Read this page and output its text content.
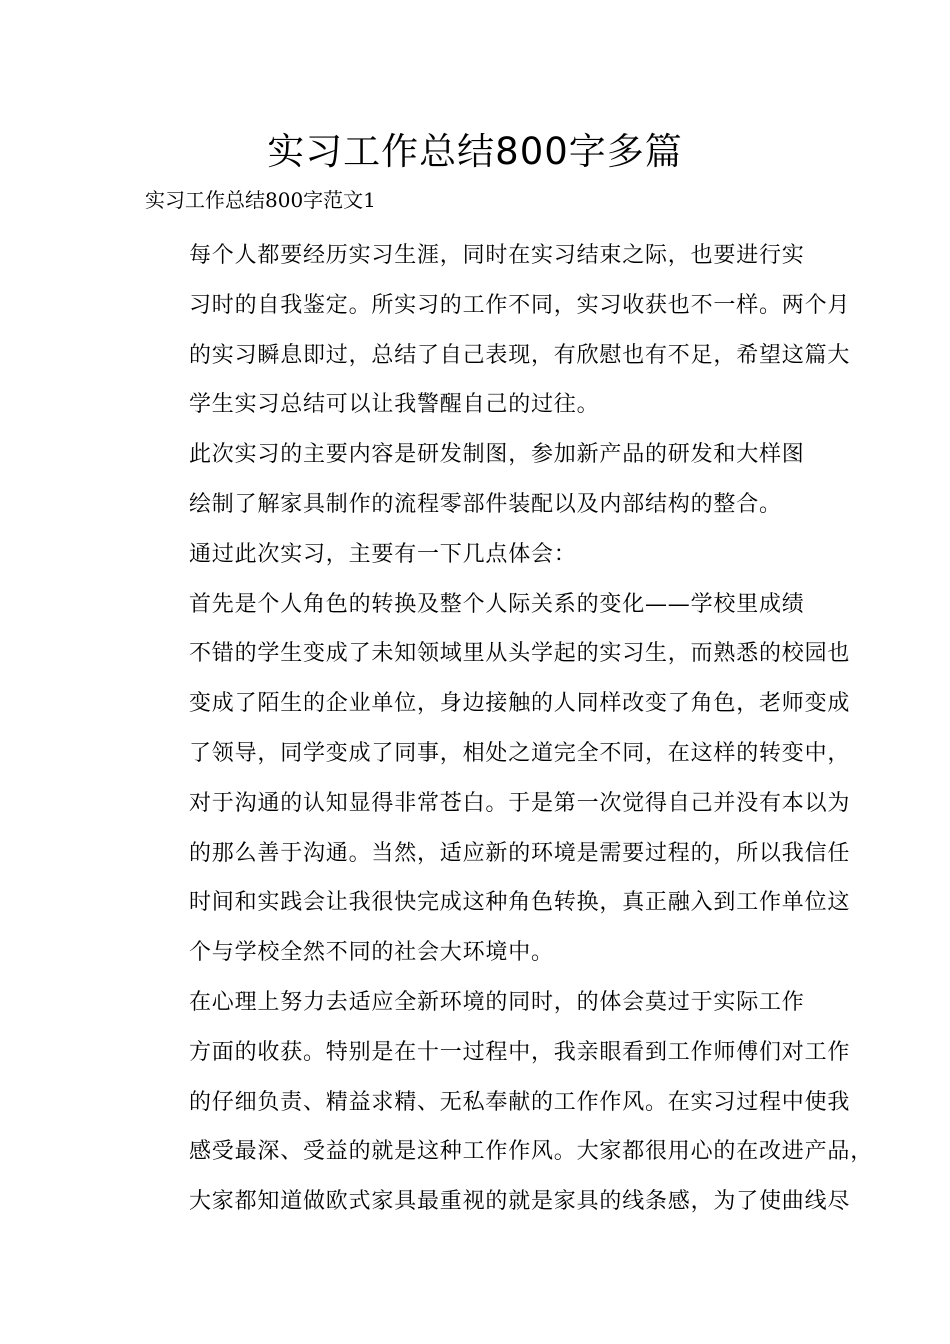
实习工作总结800字多篇

实习工作总结800字范文1

每个人都要经历实习生涯，同时在实习结束之际，也要进行实
习时的自我鉴定。所实习的工作不同，实习收获也不一样。两个月
的实习瞬息即过，总结了自己表现，有欣慰也有不足，希望这篇大
学生实习总结可以让我警醒自己的过往。

此次实习的主要内容是研发制图，参加新产品的研发和大样图
绘制了解家具制作的流程零部件装配以及内部结构的整合。

通过此次实习，主要有一下几点体会：

首先是个人角色的转换及整个人际关系的变化——学校里成绩
不错的学生变成了未知领域里从头学起的实习生，而熟悉的校园也
变成了陌生的企业单位，身边接触的人同样改变了角色，老师变成
了领导，同学变成了同事，相处之道完全不同，在这样的转变中，
对于沟通的认知显得非常苍白。于是第一次觉得自己并没有本以为
的那么善于沟通。当然，适应新的环境是需要过程的，所以我信任
时间和实践会让我很快完成这种角色转换，真正融入到工作单位这
个与学校全然不同的社会大环境中。

在心理上努力去适应全新环境的同时，的体会莫过于实际工作
方面的收获。特别是在十一过程中，我亲眼看到工作师傅们对工作
的仔细负责、精益求精、无私奉献的工作作风。在实习过程中使我
感受最深、受益的就是这种工作作风。大家都很用心的在改进产品，
大家都知道做欧式家具最重视的就是家具的线条感，为了使曲线尽
